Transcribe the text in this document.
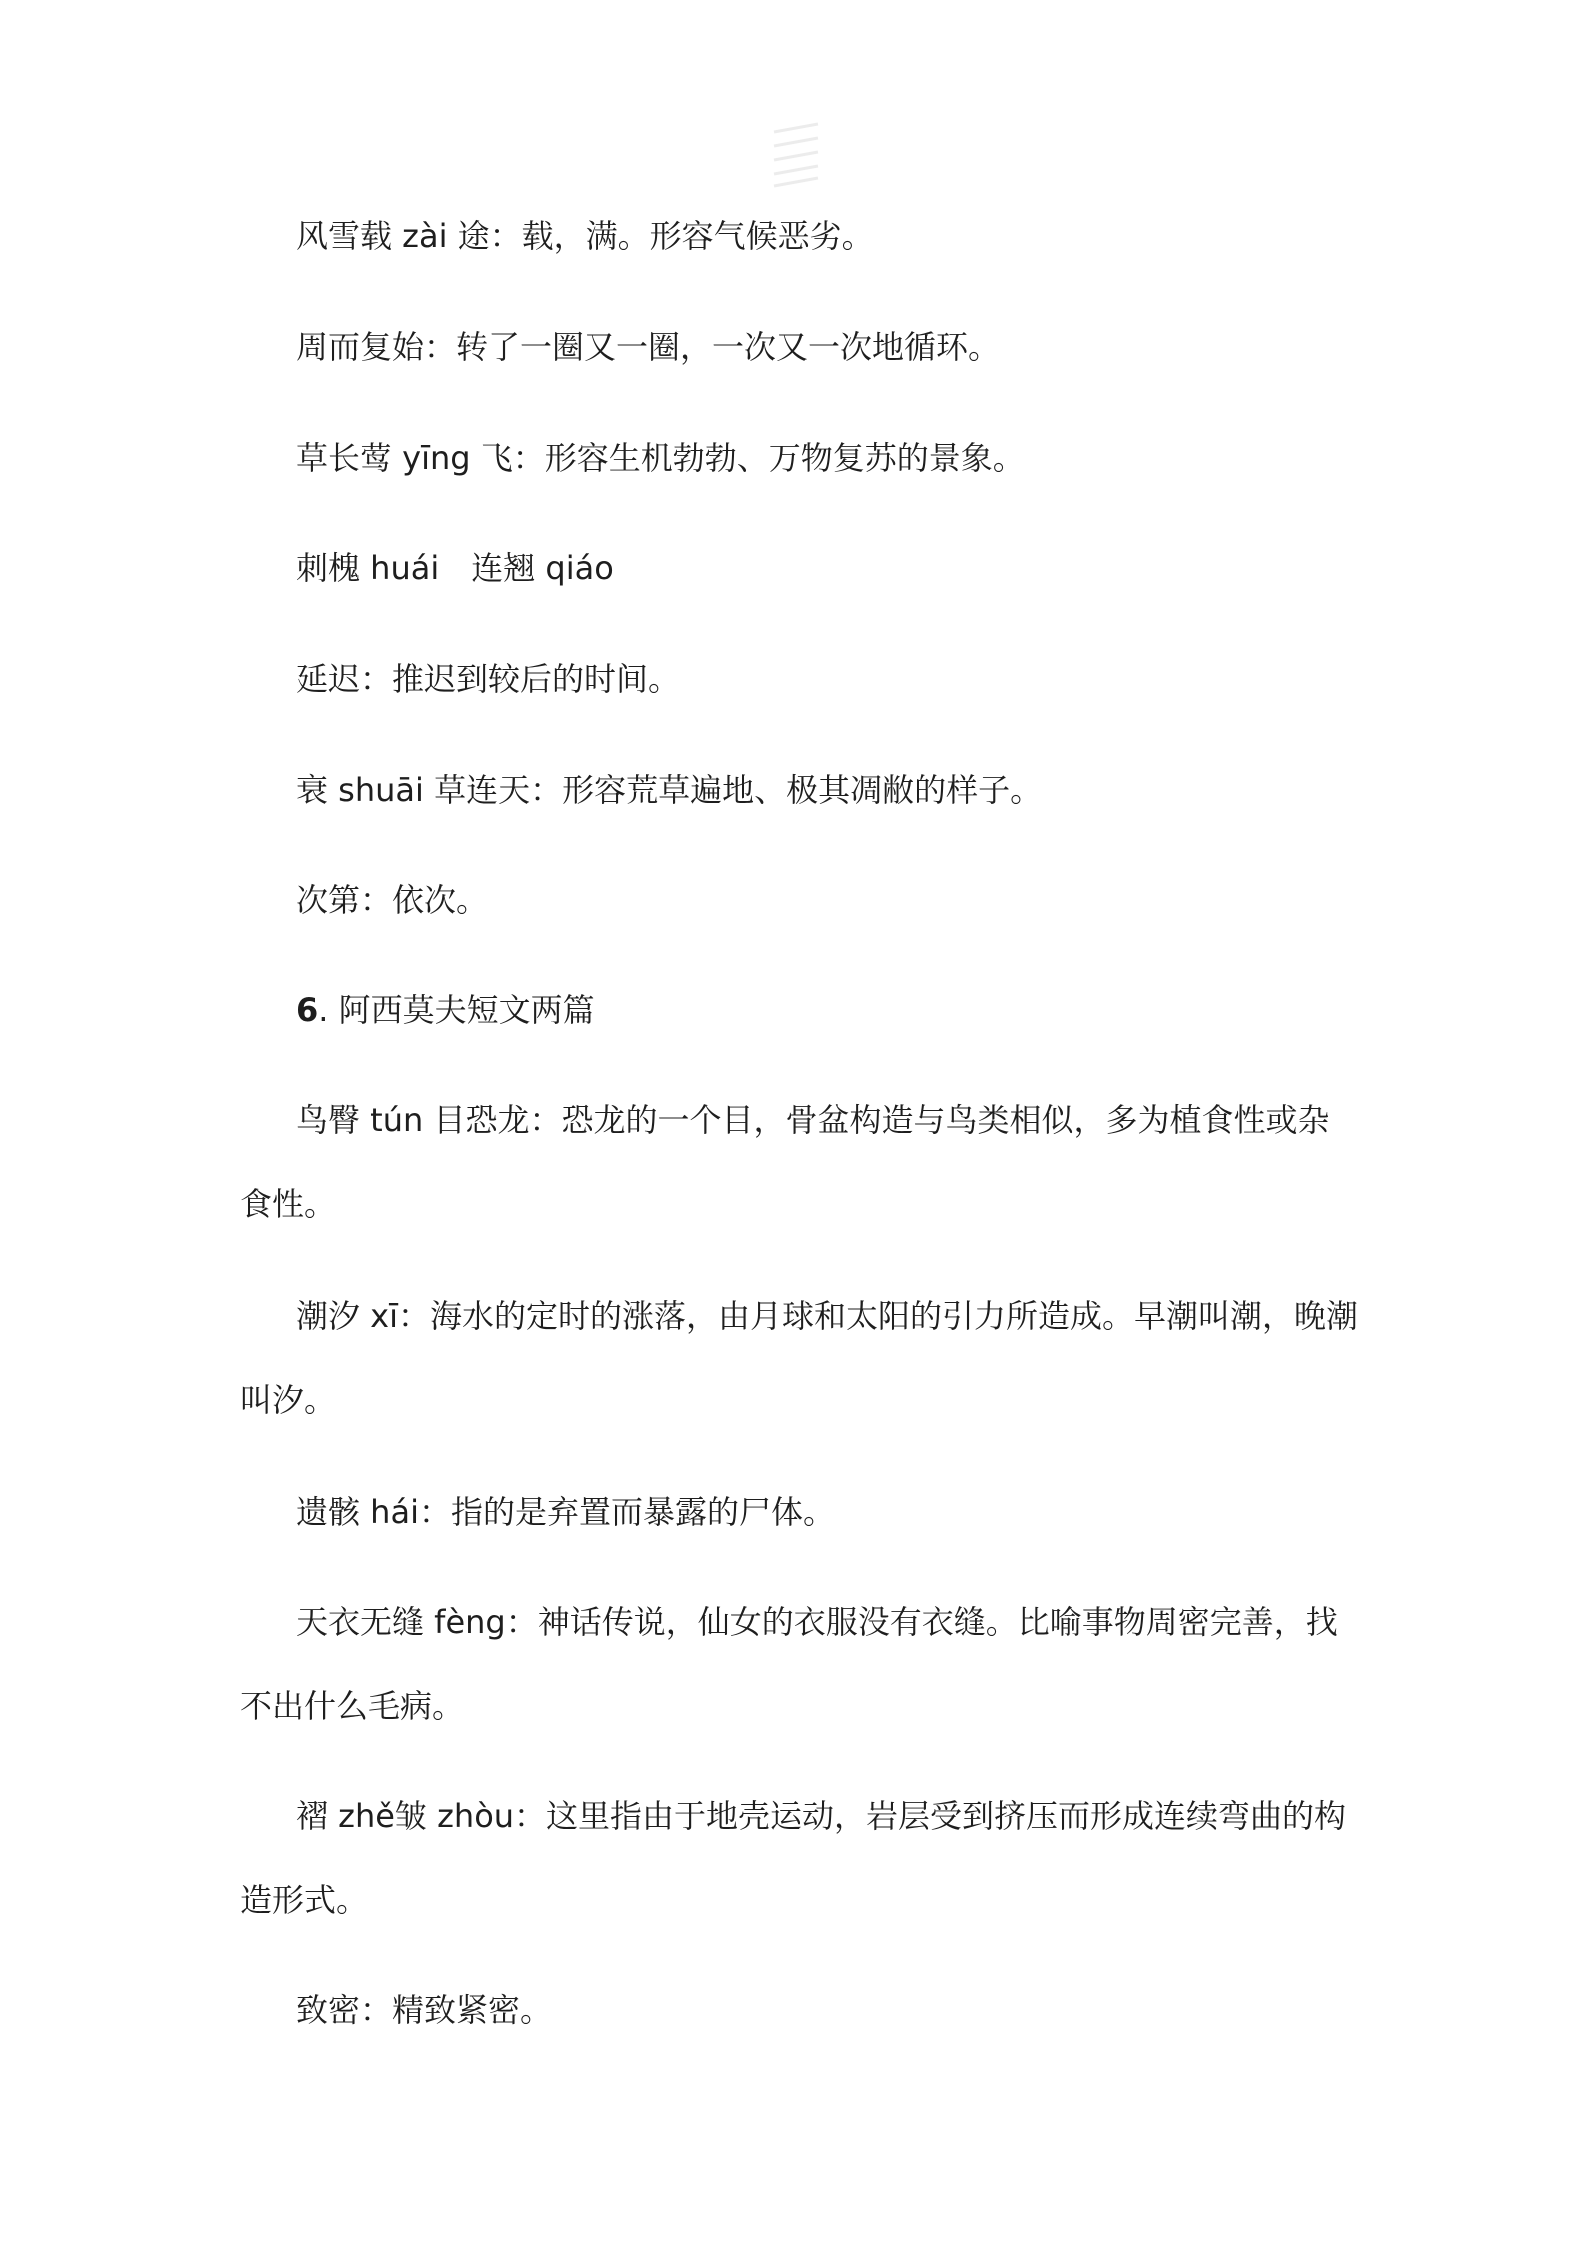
风雪载 zài 途：载，满。形容气候恶劣。
周而复始：转了一圈又一圈，一次又一次地循环。
草长莺 yīng 飞：形容生机勃勃、万物复苏的景象。
刺槐 huái　连翘 qiáo
延迟：推迟到较后的时间。
衰 shuāi 草连天：形容荒草遍地、极其凋敝的样子。
次第：依次。
6. 阿西莫夫短文两篇
鸟臀 tún 目恐龙：恐龙的一个目，骨盆构造与鸟类相似，多为植食性或杂食性。
潮汐 xī：海水的定时的涨落，由月球和太阳的引力所造成。早潮叫潮，晚潮叫汐。
遗骸 hái：指的是弃置而暴露的尸体。
天衣无缝 fèng：神话传说，仙女的衣服没有衣缝。比喻事物周密完善，找不出什么毛病。
褶 zhě皱 zhòu：这里指由于地壳运动，岩层受到挤压而形成连续弯曲的构造形式。
致密：精致紧密。
